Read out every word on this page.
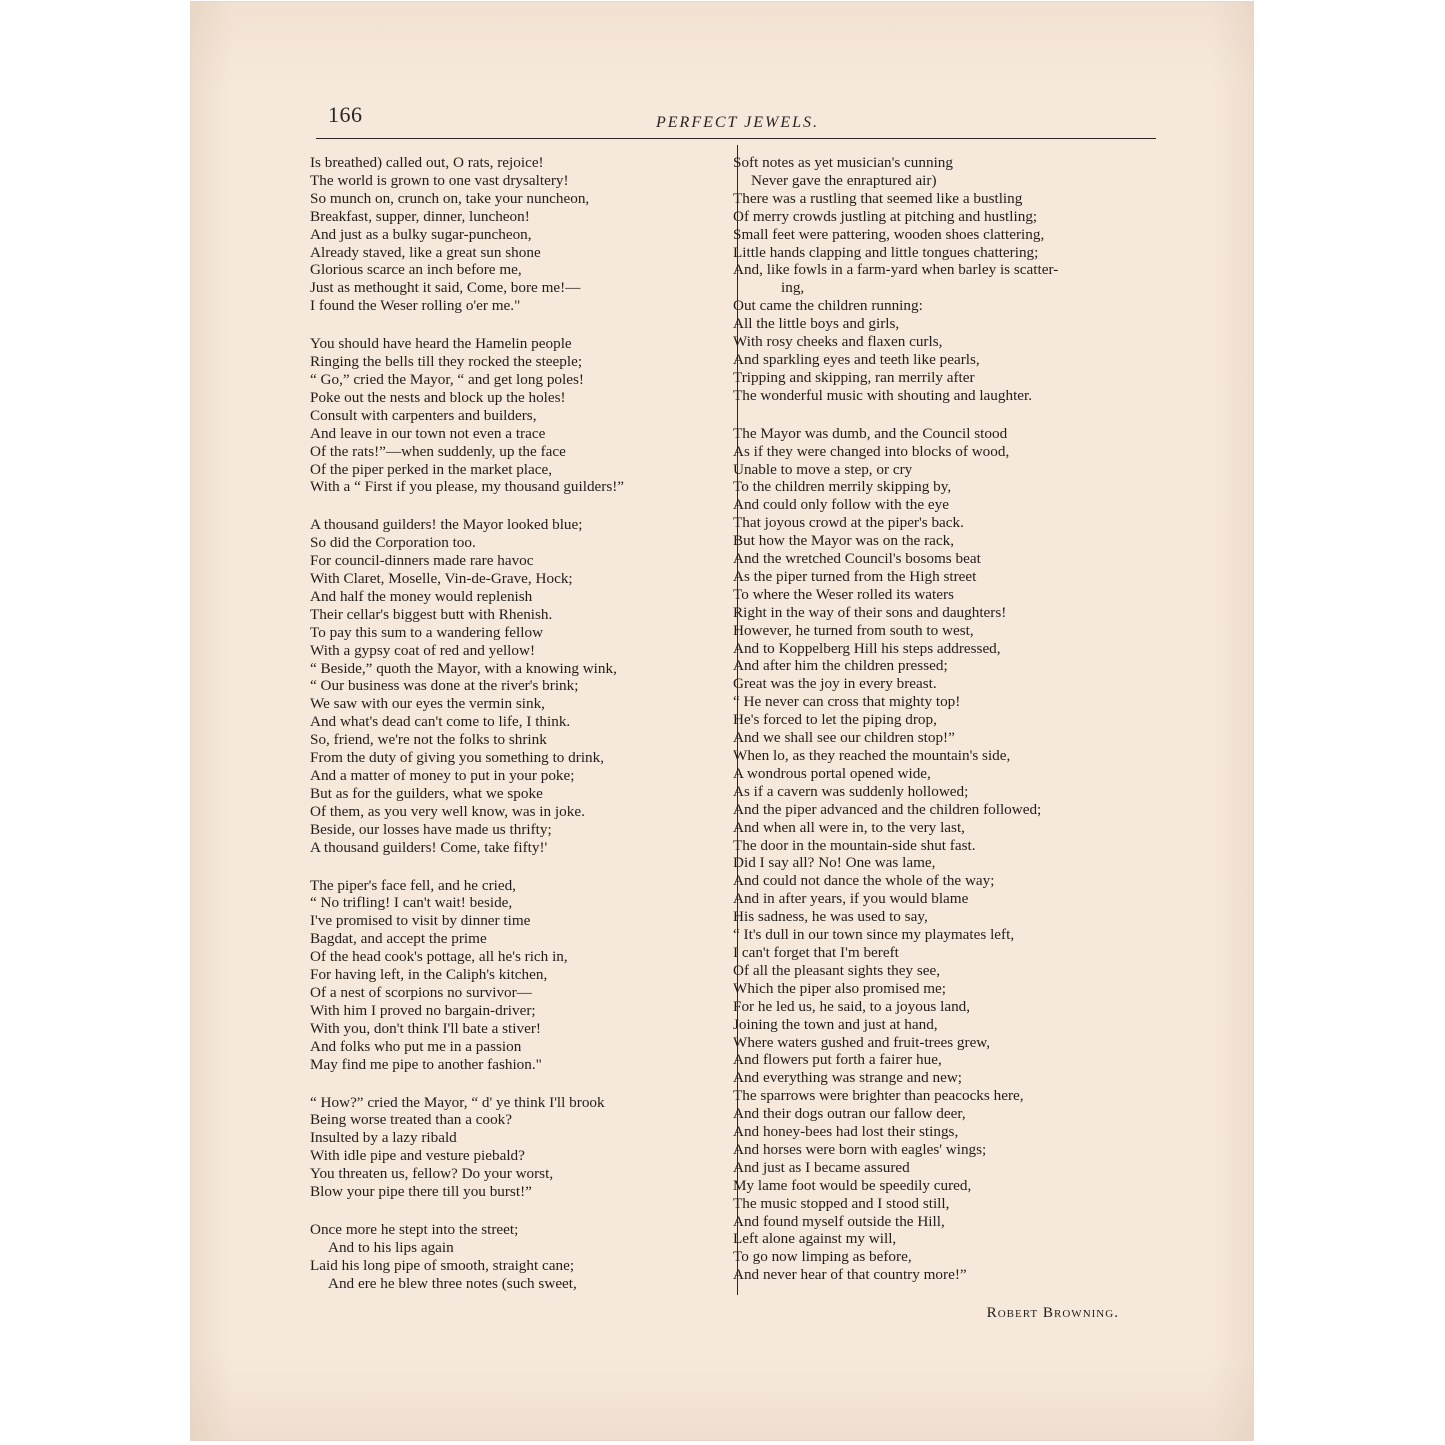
166	PERFECT JEWELS.
Is breathed) called out, O rats, rejoice!
The world is grown to one vast drysaltery!
So munch on, crunch on, take your nuncheon,
Breakfast, supper, dinner, luncheon!
And just as a bulky sugar-puncheon,
Already staved, like a great sun shone
Glorious scarce an inch before me,
Just as methought it said, Come, bore me!—
I found the Weser rolling o'er me."
You should have heard the Hamelin people
Ringing the bells till they rocked the steeple;
“ Go,” cried the Mayor, “ and get long poles!
Poke out the nests and block up the holes!
Consult with carpenters and builders,
And leave in our town not even a trace
Of the rats!”—when suddenly, up the face
Of the piper perked in the market place,
With a “ First if you please, my thousand guilders!”
A thousand guilders! the Mayor looked blue;
So did the Corporation too.
For council-dinners made rare havoc
With Claret, Moselle, Vin-de-Grave, Hock;
And half the money would replenish
Their cellar's biggest butt with Rhenish.
To pay this sum to a wandering fellow
With a gypsy coat of red and yellow!
“ Beside,” quoth the Mayor, with a knowing wink,
“ Our business was done at the river's brink;
We saw with our eyes the vermin sink,
And what's dead can't come to life, I think.
So, friend, we're not the folks to shrink
From the duty of giving you something to drink,
And a matter of money to put in your poke;
But as for the guilders, what we spoke
Of them, as you very well know, was in joke.
Beside, our losses have made us thrifty;
A thousand guilders! Come, take fifty!'
The piper's face fell, and he cried,
“ No trifling! I can't wait! beside,
I've promised to visit by dinner time
Bagdat, and accept the prime
Of the head cook's pottage, all he's rich in,
For having left, in the Caliph's kitchen,
Of a nest of scorpions no survivor—
With him I proved no bargain-driver;
With you, don't think I'll bate a stiver!
And folks who put me in a passion
May find me pipe to another fashion."
“ How?” cried the Mayor, “ d' ye think I'll brook
Being worse treated than a cook?
Insulted by a lazy ribald
With idle pipe and vesture piebald?
You threaten us, fellow? Do your worst,
Blow your pipe there till you burst!”
Once more he stept into the street;
And to his lips again
Laid his long pipe of smooth, straight cane;
And ere he blew three notes (such sweet,
Soft notes as yet musician's cunning
Never gave the enraptured air)
There was a rustling that seemed like a bustling
Of merry crowds justling at pitching and hustling;
Small feet were pattering, wooden shoes clattering,
Little hands clapping and little tongues chattering;
And, like fowls in a farm-yard when barley is scatter-
ing,
Out came the children running:
All the little boys and girls,
With rosy cheeks and flaxen curls,
And sparkling eyes and teeth like pearls,
Tripping and skipping, ran merrily after
The wonderful music with shouting and laughter.
The Mayor was dumb, and the Council stood
As if they were changed into blocks of wood,
Unable to move a step, or cry
To the children merrily skipping by,
And could only follow with the eye
That joyous crowd at the piper's back.
But how the Mayor was on the rack,
And the wretched Council's bosoms beat
As the piper turned from the High street
To where the Weser rolled its waters
Right in the way of their sons and daughters!
However, he turned from south to west,
And to Koppelberg Hill his steps addressed,
And after him the children pressed;
Great was the joy in every breast.
“ He never can cross that mighty top!
He's forced to let the piping drop,
And we shall see our children stop!”
When lo, as they reached the mountain's side,
A wondrous portal opened wide,
As if a cavern was suddenly hollowed;
And the piper advanced and the children followed;
And when all were in, to the very last,
The door in the mountain-side shut fast.
Did I say all? No! One was lame,
And could not dance the whole of the way;
And in after years, if you would blame
His sadness, he was used to say,
“ It's dull in our town since my playmates left,
I can't forget that I'm bereft
Of all the pleasant sights they see,
Which the piper also promised me;
For he led us, he said, to a joyous land,
Joining the town and just at hand,
Where waters gushed and fruit-trees grew,
And flowers put forth a fairer hue,
And everything was strange and new;
The sparrows were brighter than peacocks here,
And their dogs outran our fallow deer,
And honey-bees had lost their stings,
And horses were born with eagles' wings;
And just as I became assured
My lame foot would be speedily cured,
The music stopped and I stood still,
And found myself outside the Hill,
Left alone against my will,
To go now limping as before,
And never hear of that country more!”
Robert Browning.
